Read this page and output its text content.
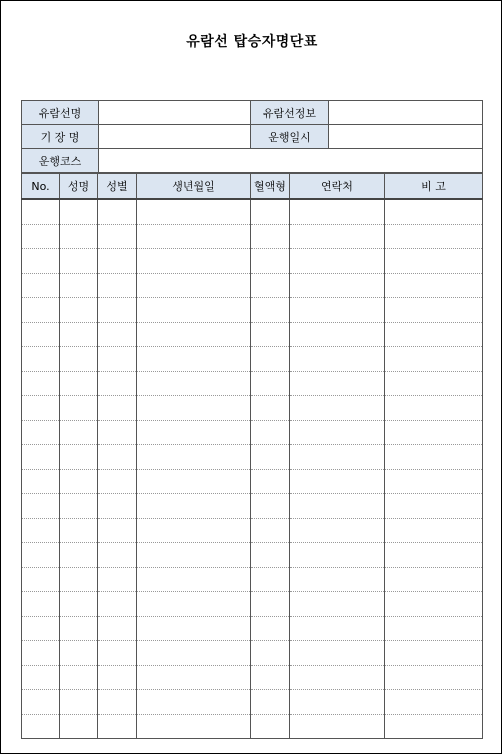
유람선 탑승자명단표
유람선명		유람선정보	
기 장 명		운행일시	
운행코스			
No.	성명	성별	생년월일	혈액형	연락처	비 고
